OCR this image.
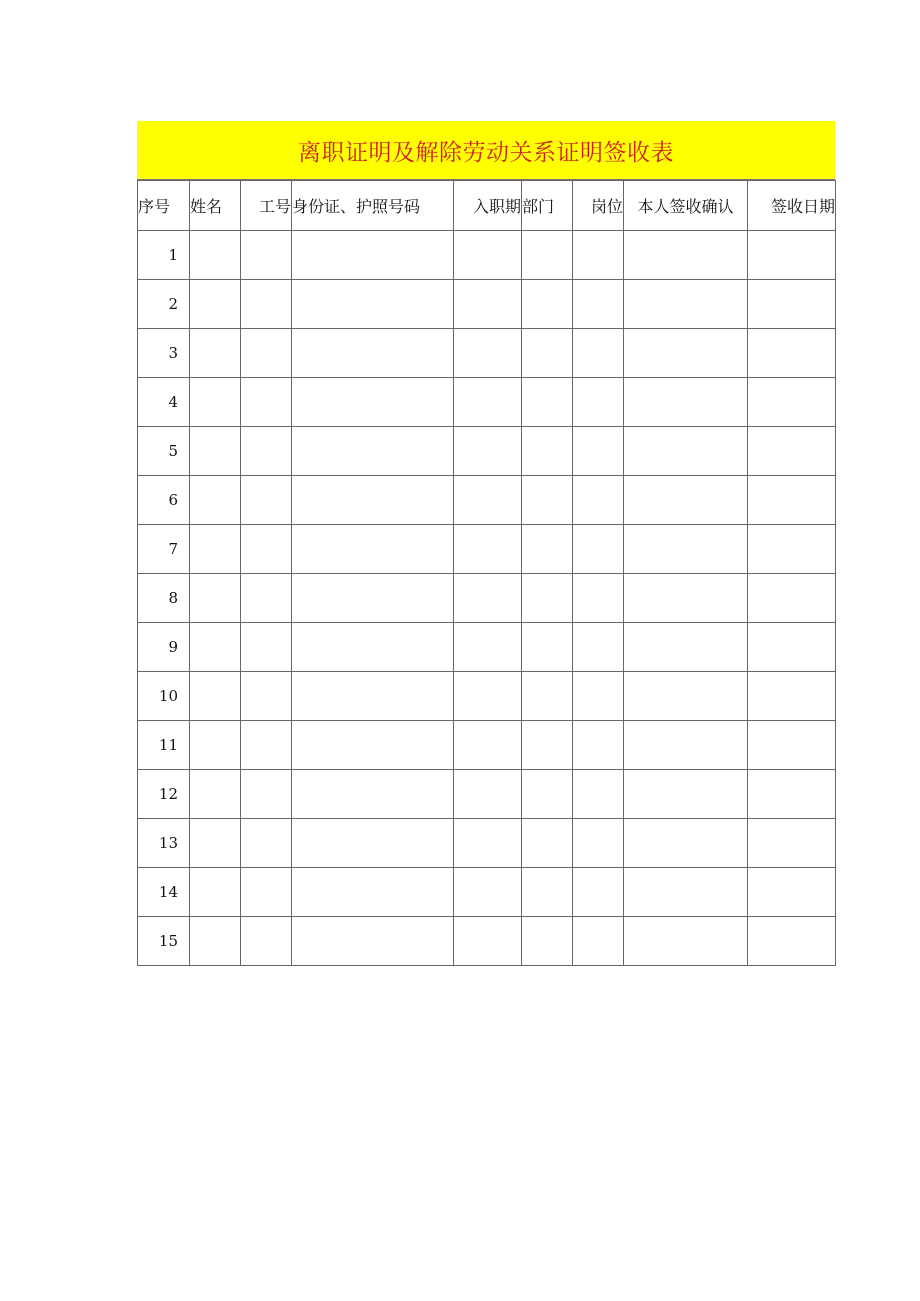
离职证明及解除劳动关系证明签收表
序号	姓名	工号	身份证、护照号码	入职期	部门	岗位	本人签收确认	签收日期
1								
2								
3								
4								
5								
6								
7								
8								
9								
10								
11								
12								
13								
14								
15								
